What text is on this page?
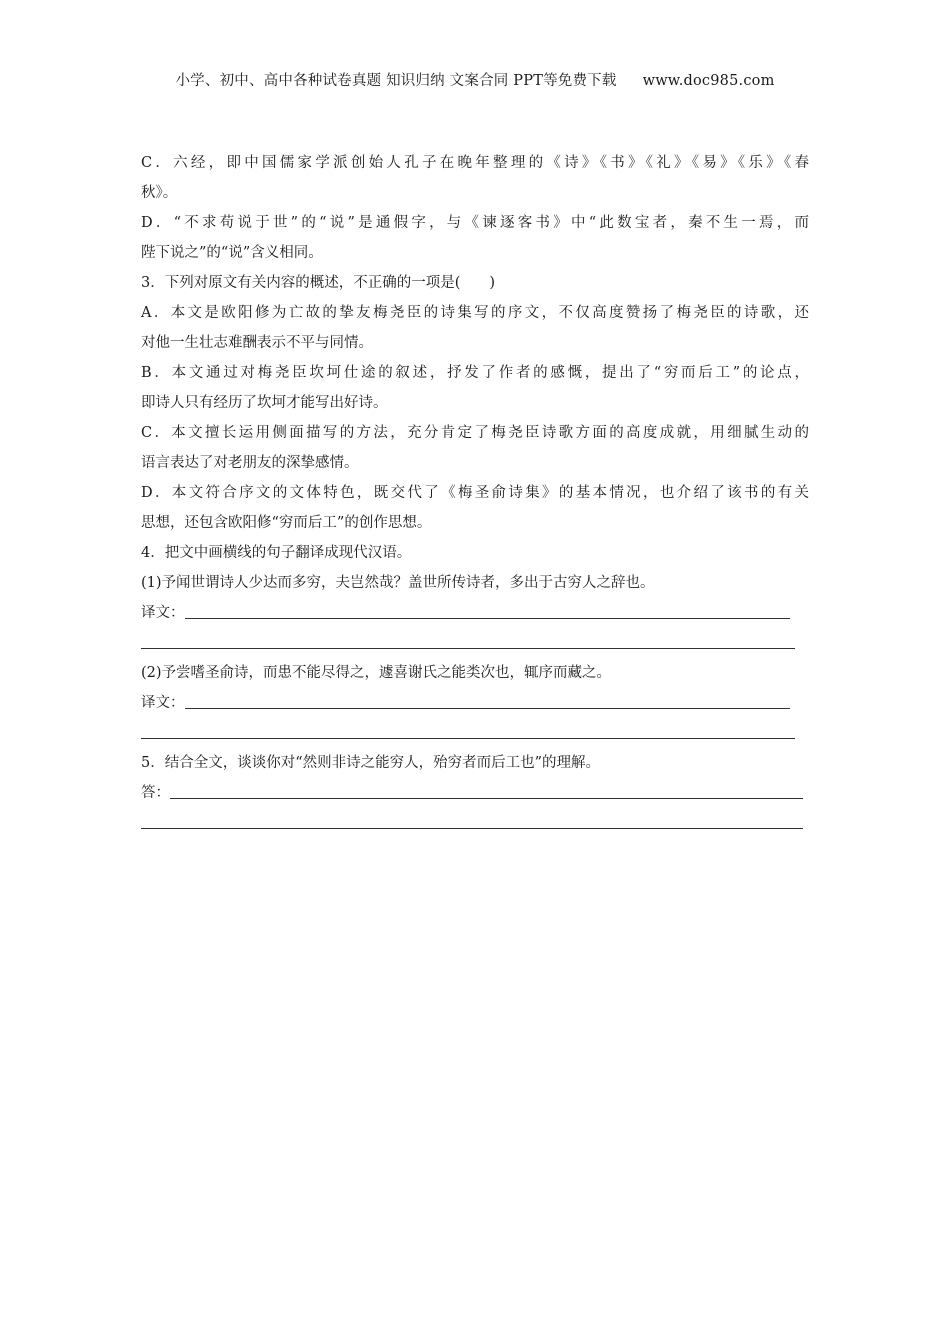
小学、初中、高中各种试卷真题 知识归纳 文案合同 PPT等免费下载 www.doc985.com
C．六经，即中国儒家学派创始人孔子在晚年整理的《诗》《书》《礼》《易》《乐》《春
秋》。
D．“不求苟说于世”的“说”是通假字，与《谏逐客书》中“此数宝者，秦不生一焉，而
陛下说之”的“说”含义相同。
3．下列对原文有关内容的概述，不正确的一项是(　　)
A．本文是欧阳修为亡故的挚友梅尧臣的诗集写的序文，不仅高度赞扬了梅尧臣的诗歌，还
对他一生壮志难酬表示不平与同情。
B．本文通过对梅尧臣坎坷仕途的叙述，抒发了作者的感慨，提出了“穷而后工”的论点，
即诗人只有经历了坎坷才能写出好诗。
C．本文擅长运用侧面描写的方法，充分肯定了梅尧臣诗歌方面的高度成就，用细腻生动的
语言表达了对老朋友的深挚感情。
D．本文符合序文的文体特色，既交代了《梅圣俞诗集》的基本情况，也介绍了该书的有关
思想，还包含欧阳修“穷而后工”的创作思想。
4．把文中画横线的句子翻译成现代汉语。
(1)予闻世谓诗人少达而多穷，夫岂然哉？盖世所传诗者，多出于古穷人之辞也。
译文：
(2)予尝嗜圣俞诗，而患不能尽得之，遽喜谢氏之能类次也，辄序而藏之。
译文：
5．结合全文，谈谈你对“然则非诗之能穷人，殆穷者而后工也”的理解。
答：
